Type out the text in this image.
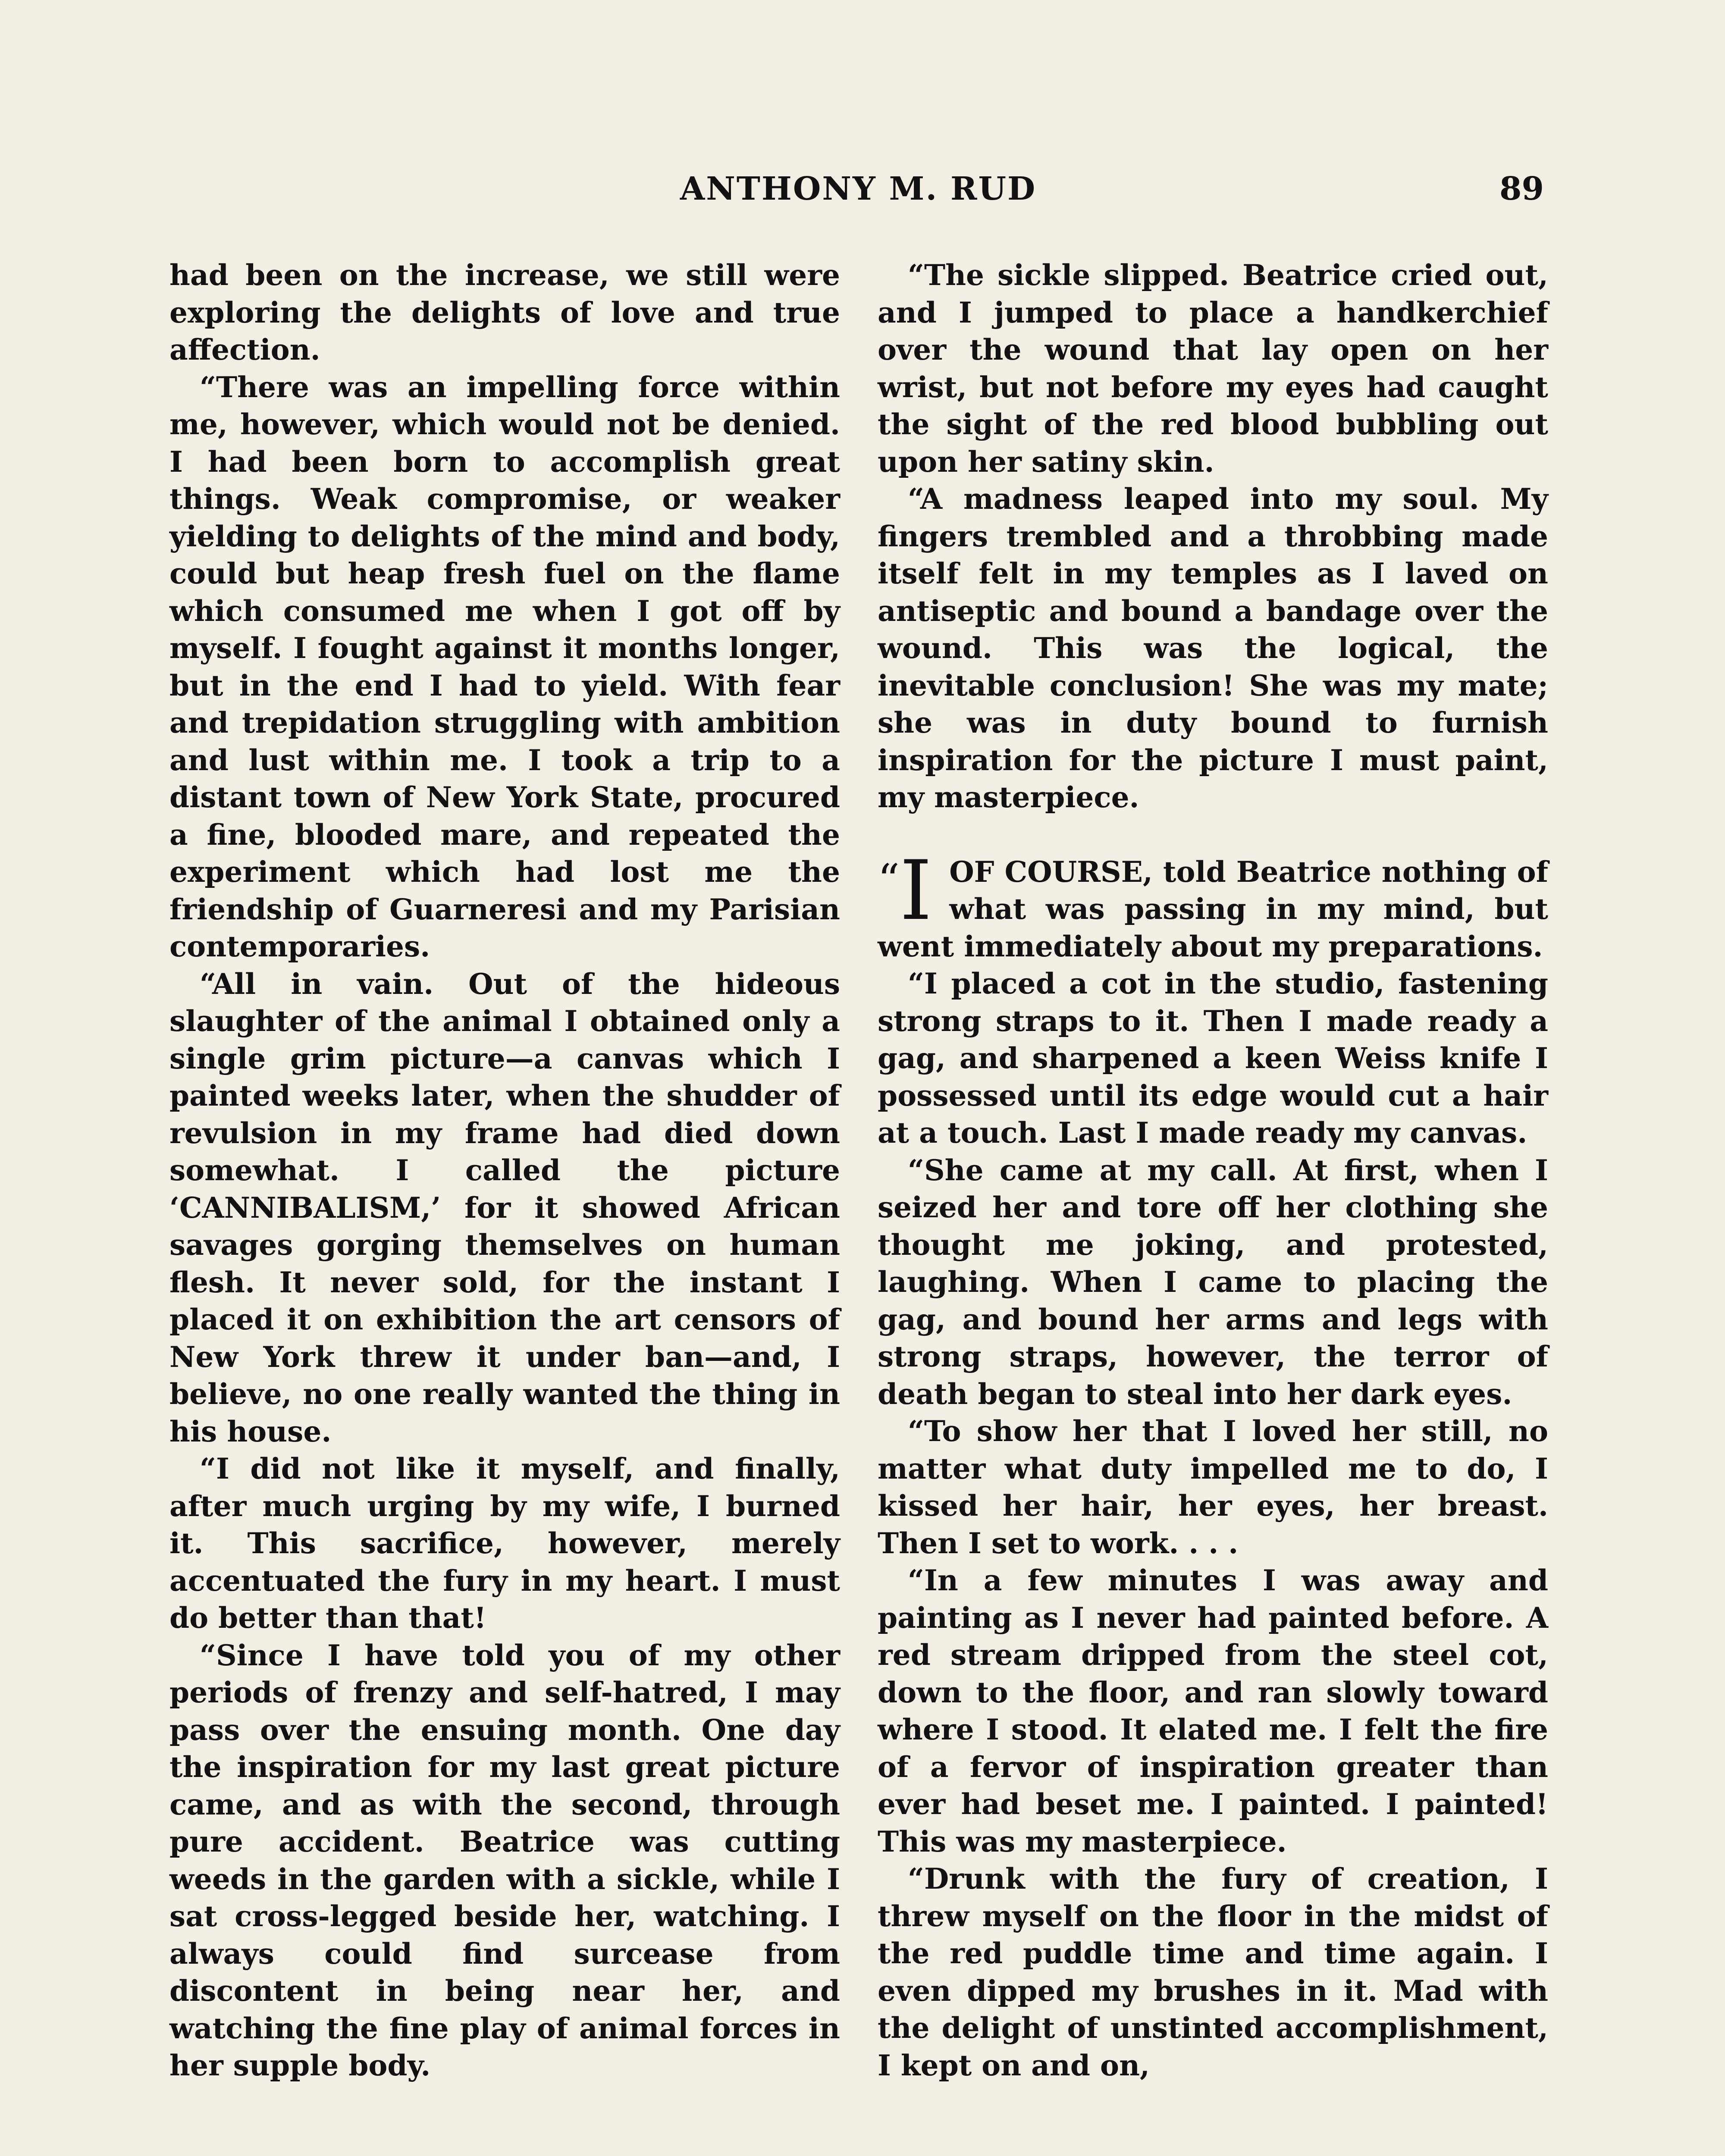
ANTHONY M. RUD	89

had been on the increase, we still were exploring the delights of love and true affection.

“There was an impelling force within me, however, which would not be denied. I had been born to accomplish great things. Weak compromise, or weaker yielding to delights of the mind and body, could but heap fresh fuel on the flame which consumed me when I got off by myself. I fought against it months longer, but in the end I had to yield. With fear and trepidation struggling with ambition and lust within me. I took a trip to a distant town of New York State, procured a fine, blooded mare, and repeated the experiment which had lost me the friendship of Guarneresi and my Parisian contemporaries.

“All in vain. Out of the hideous slaughter of the animal I obtained only a single grim picture—a canvas which I painted weeks later, when the shudder of revulsion in my frame had died down somewhat. I called the picture ‘CANNIBALISM,’ for it showed African savages gorging themselves on human flesh. It never sold, for the instant I placed it on exhibition the art censors of New York threw it under ban—and, I believe, no one really wanted the thing in his house.

“I did not like it myself, and finally, after much urging by my wife, I burned it. This sacrifice, however, merely accentuated the fury in my heart. I must do better than that!

“Since I have told you of my other periods of frenzy and self-hatred, I may pass over the ensuing month. One day the inspiration for my last great picture came, and as with the second, through pure accident. Beatrice was cutting weeds in the garden with a sickle, while I sat cross-legged beside her, watching. I always could find surcease from discontent in being near her, and watching the fine play of animal forces in her supple body.

“The sickle slipped. Beatrice cried out, and I jumped to place a handkerchief over the wound that lay open on her wrist, but not before my eyes had caught the sight of the red blood bubbling out upon her satiny skin.

“A madness leaped into my soul. My fingers trembled and a throbbing made itself felt in my temples as I laved on antiseptic and bound a bandage over the wound. This was the logical, the inevitable conclusion! She was my mate; she was in duty bound to furnish inspiration for the picture I must paint, my masterpiece.

“I OF COURSE, told Beatrice nothing of what was passing in my mind, but went immediately about my preparations.

“I placed a cot in the studio, fastening strong straps to it. Then I made ready a gag, and sharpened a keen Weiss knife I possessed until its edge would cut a hair at a touch. Last I made ready my canvas.

“She came at my call. At first, when I seized her and tore off her clothing she thought me joking, and protested, laughing. When I came to placing the gag, and bound her arms and legs with strong straps, however, the terror of death began to steal into her dark eyes.

“To show her that I loved her still, no matter what duty impelled me to do, I kissed her hair, her eyes, her breast. Then I set to work. . . .

“In a few minutes I was away and painting as I never had painted before. A red stream dripped from the steel cot, down to the floor, and ran slowly toward where I stood. It elated me. I felt the fire of a fervor of inspiration greater than ever had beset me. I painted. I painted! This was my masterpiece.

“Drunk with the fury of creation, I threw myself on the floor in the midst of the red puddle time and time again. I even dipped my brushes in it. Mad with the delight of unstinted accomplishment, I kept on and on,
